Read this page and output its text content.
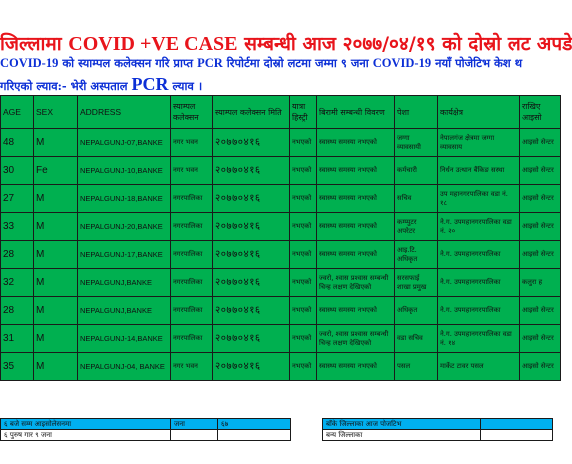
जिल्लामा COVID +VE CASE सम्बन्धी आज २०७७/०४/१९ को दोस्रो लट अपडे
COVID-19 को स्याम्पल कलेक्सन गरि प्राप्त PCR रिपोर्टमा दोस्रो लटमा जम्मा ९ जना COVID-19 नयाँ पोजेटिभ केश थ
गरिएको ल्याव:- भेरी अस्पताल PCR ल्याव ।
AGE	SEX	ADDRESS	स्याम्पल कलेक्सन	स्याम्पल कलेक्सन मिति	यात्रा हिस्ट्री	बिरामी सम्बन्धी विवरण	पेशा	कार्यक्षेत्र	राखिए आइसो
48	M	NEPALGUNJ-07,BANKE	नगर भवन	२०७७०४१६	नभएको	स्वास्थ्य समस्या नभएको	जग्गा व्यावसायी	नेपालगंज क्षेत्रमा जग्गा व्यावसाय	आइसो सेन्टर
30	Fe	NEPALGUNJ-10,BANKE	नगर भवन	२०७७०४१६	नभएको	स्वास्थ्य समस्या नभएको	कर्मचारी	निर्धन उत्थान बैंकिङ सस्था	आइसो सेन्टर
27	M	NEPALGUNJ-18,BANKE	नगरपालिका	२०७७०४१६	नभएको	स्वास्थ्य समस्या नभएको	सचिव	उप महानगरपालिका वडा नं. १८	आइसो सेन्टर
33	M	NEPALGUNJ-20,BANKE	नगरपालिका	२०७७०४१६	नभएको	स्वास्थ्य समस्या नभएको	कम्प्युटर अपरेटर	ने.ग. उपमहानगरपालिका वडा नं. २०	आइसो सेन्टर
28	M	NEPALGUNJ-17,BANKE	नगरपालिका	२०७७०४१६	नभएको	स्वास्थ्य समस्या नभएको	आइ.टि. अधिकृत	ने.ग. उपमहानगरपालिका	आइसो सेन्टर
32	M	NEPALGUNJ,BANKE	नगरपालिका	२०७७०४१६	नभएको	ज्वरो, श्वास प्रश्वास सम्बन्धी चिन्ह लक्षण देखिएको	सरसफाई शाखा प्रमुख	ने.ग. उपमहानगरपालिका	कलुरा ह
28	M	NEPALGUNJ,BANKE	नगरपालिका	२०७७०४१६	नभएको	स्वास्थ्य समस्या नभएको	अधिकृत	ने.ग. उपमहानगरपालिका	आइसो सेन्टर
31	M	NEPALGUNJ-14,BANKE	नगरपालिका	२०७७०४१६	नभएको	ज्वरो, श्वास प्रश्वास सम्बन्धी चिन्ह लक्षण देखिएको	वडा सचिव	ने.ग. उपमहानगरपालिका वडा नं. १४	आइसो सेन्टर
35	M	NEPALGUNJ-04, BANKE	नगर भवन	२०७७०४१६	नभएको	स्वास्थ्य समस्या नभएको	पसल	मार्केट टावर पसल	आइसो सेन्टर
६ बजे सम्म आइसोलेसनमा	जना	६७
६ पुरुष गार ९ जना		
बाँके जिल्लाका आज पोजटिभ	
बन्य जिल्लाका	
